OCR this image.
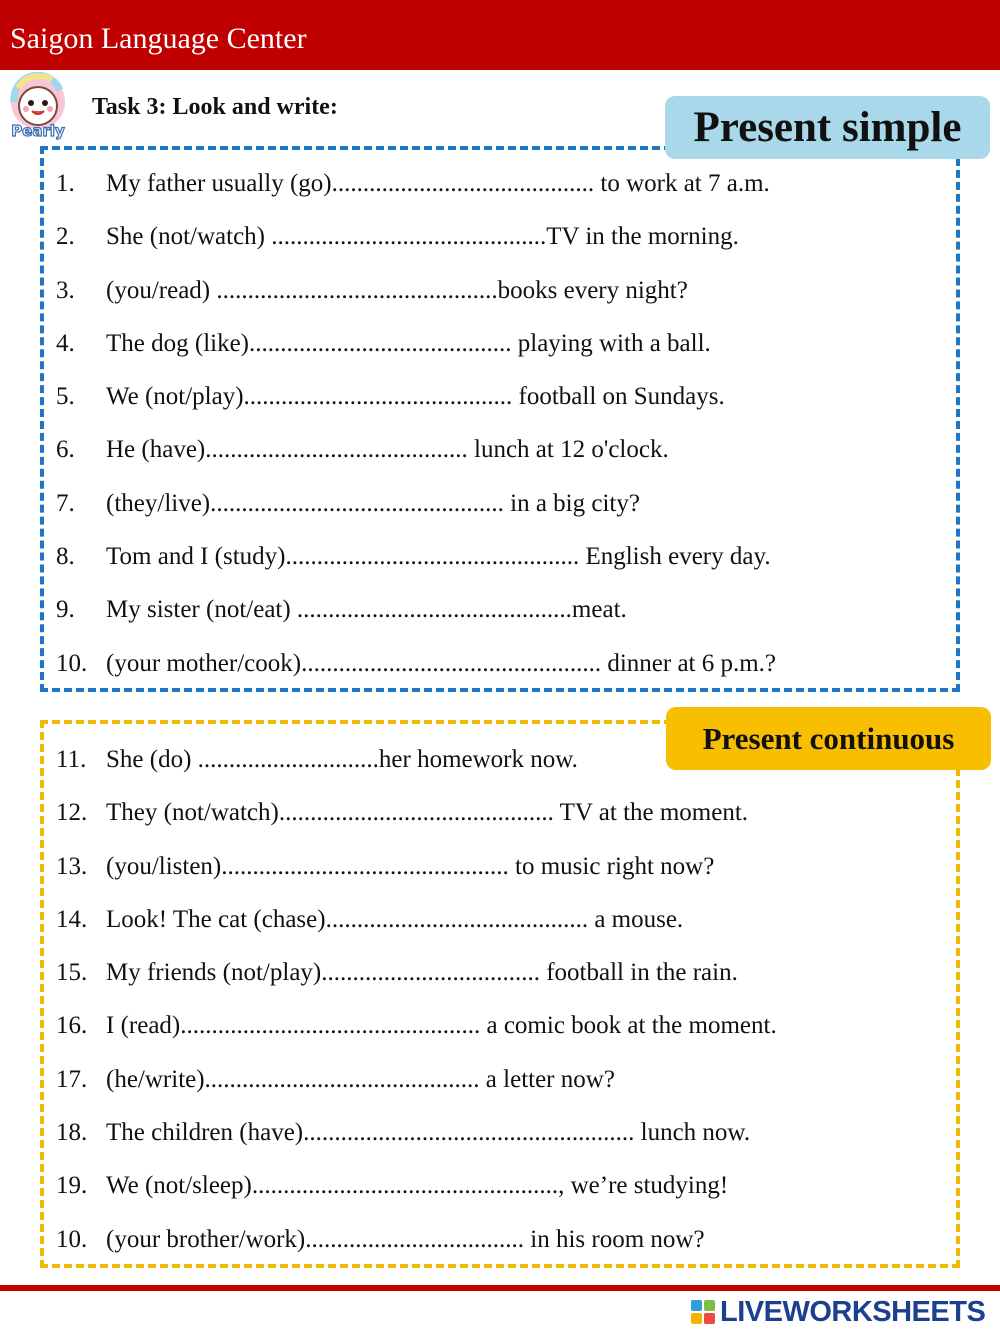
Saigon Language Center
Pearly
Task 3: Look and write:	Present simple
1.	My father usually (go).......................................... to work at 7 a.m.
2.	She (not/watch) ............................................TV in the morning.
3.	(you/read) .............................................books every night?
4.	The dog (like).......................................... playing with a ball.
5.	We (not/play)........................................... football on Sundays.
6.	He (have).......................................... lunch at 12 o'clock.
7.	(they/live)............................................... in a big city?
8.	Tom and I (study)............................................... English every day.
9.	My sister (not/eat) ............................................meat.
10. (your mother/cook)................................................ dinner at 6 p.m.?
11. She (do) .............................her homework now.
12. They (not/watch)............................................ TV at the moment.
13. (you/listen).............................................. to music right now?
14. Look! The cat (chase).......................................... a mouse.
15. My friends (not/play)................................... football in the rain.
16. I (read)................................................ a comic book at the moment.
17. (he/write)............................................ a letter now?
18. The children (have)..................................................... lunch now.
19. We (not/sleep)................................................., we’re studying!
10. (your brother/work)................................... in his room now?
Present continuous
LIVEWORKSHEETS
